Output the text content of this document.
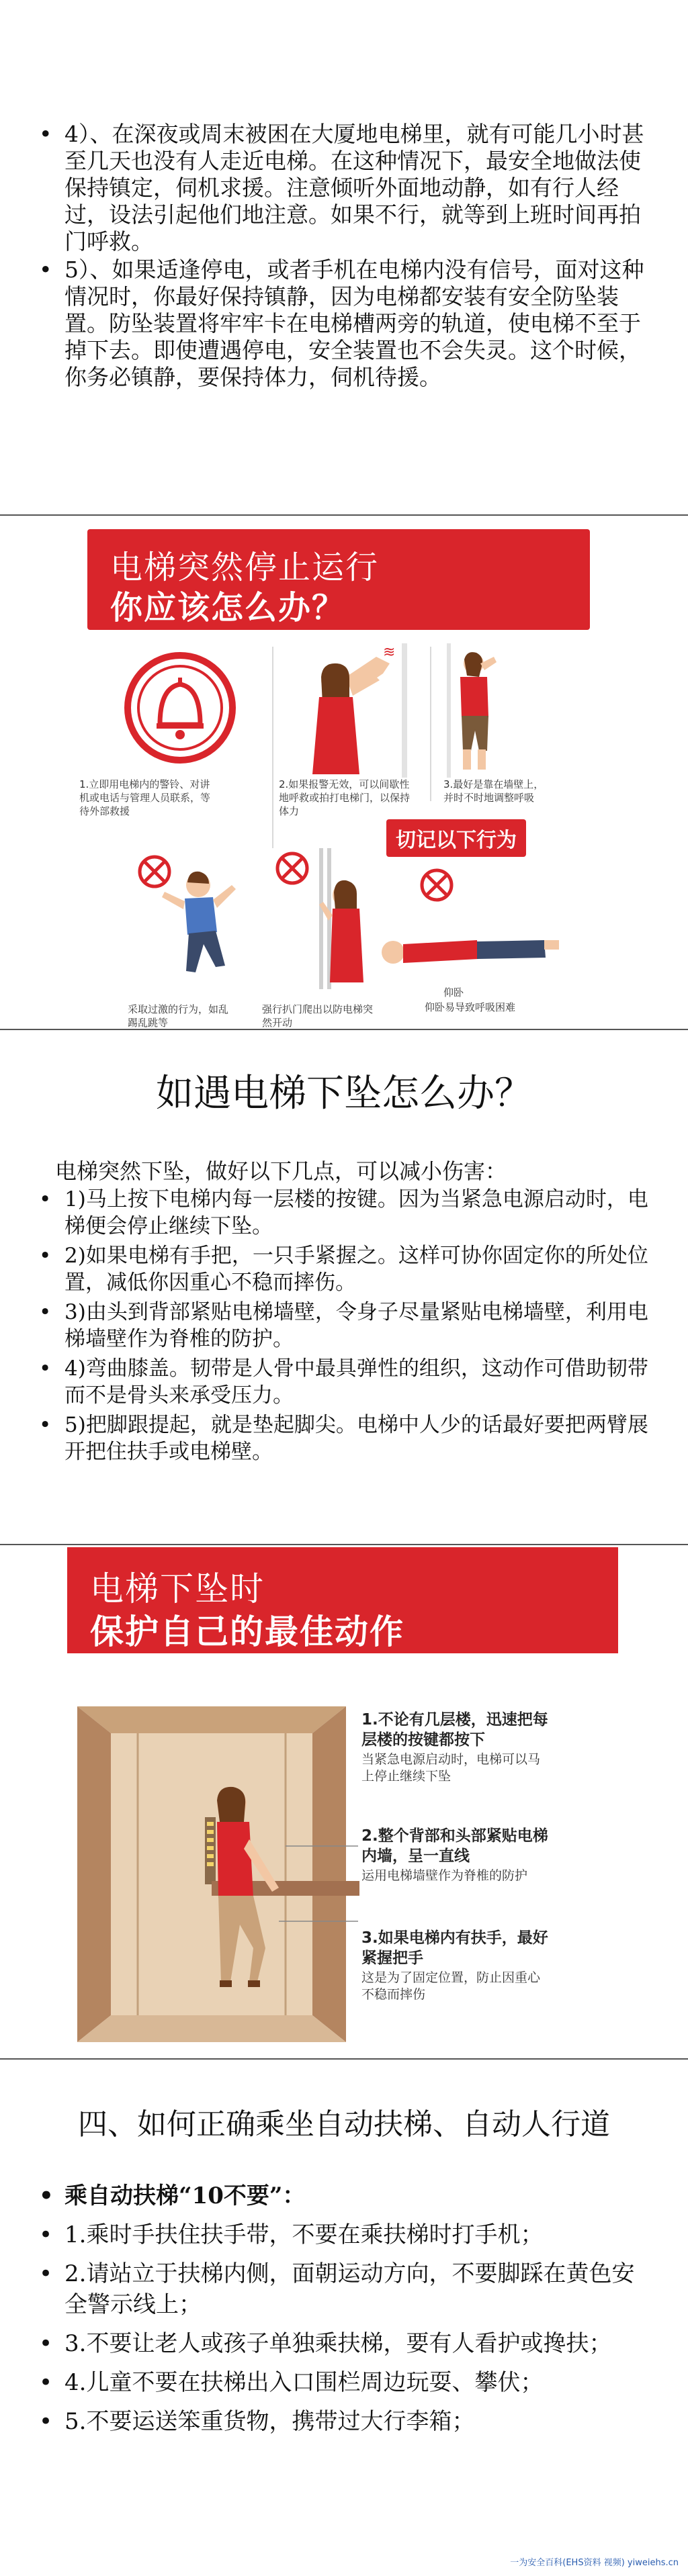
• 4）、在深夜或周末被困在大厦地电梯里，就有可能几小时甚至几天也没有人走近电梯。在这种情况下，最安全地做法使保持镇定，伺机求援。注意倾听外面地动静，如有行人经过，设法引起他们地注意。如果不行，就等到上班时间再拍门呼救。
• 5）、如果适逢停电，或者手机在电梯内没有信号，面对这种情况时，你最好保持镇静，因为电梯都安装有安全防坠装置。防坠装置将牢牢卡在电梯槽两旁的轨道，使电梯不至于掉下去。即使遭遇停电，安全装置也不会失灵。这个时候，你务必镇静，要保持体力，伺机待援。
电梯突然停止运行
你应该怎么办？
1.立即用电梯内的警铃、对讲机或电话与管理人员联系，等待外部救援
≋
2.如果报警无效，可以间歇性地呼救或拍打电梯门，以保持体力
3.最好是靠在墙壁上，并时不时地调整呼吸
切记以下行为
采取过激的行为，如乱踢乱跳等
强行扒门爬出以防电梯突然开动
仰卧
仰卧易导致呼吸困难
如遇电梯下坠怎么办？
电梯突然下坠，做好以下几点，可以减小伤害：
• 1)马上按下电梯内每一层楼的按键。因为当紧急电源启动时，电梯便会停止继续下坠。
• 2)如果电梯有手把，一只手紧握之。这样可协你固定你的所处位置，减低你因重心不稳而摔伤。
• 3)由头到背部紧贴电梯墙壁，令身子尽量紧贴电梯墙壁，利用电梯墙壁作为脊椎的防护。
• 4)弯曲膝盖。韧带是人骨中最具弹性的组织，这动作可借助韧带而不是骨头来承受压力。
• 5)把脚跟提起，就是垫起脚尖。电梯中人少的话最好要把两臂展开把住扶手或电梯壁。
电梯下坠时
保护自己的最佳动作
1.不论有几层楼，迅速把每层楼的按键都按下
当紧急电源启动时，电梯可以马上停止继续下坠
2.整个背部和头部紧贴电梯内墙，呈一直线
运用电梯墙壁作为脊椎的防护
3.如果电梯内有扶手，最好紧握把手
这是为了固定位置，防止因重心不稳而摔伤
四、如何正确乘坐自动扶梯、自动人行道
• 乘自动扶梯“10不要”：
• 1.乘时手扶住扶手带，不要在乘扶梯时打手机；
• 2.请站立于扶梯内侧，面朝运动方向，不要脚踩在黄色安全警示线上；
• 3.不要让老人或孩子单独乘扶梯，要有人看护或搀扶；
• 4.儿童不要在扶梯出入口围栏周边玩耍、攀伏；
• 5.不要运送笨重货物，携带过大行李箱；
一为安全百科(EHS资料 视频) yiweiehs.cn
